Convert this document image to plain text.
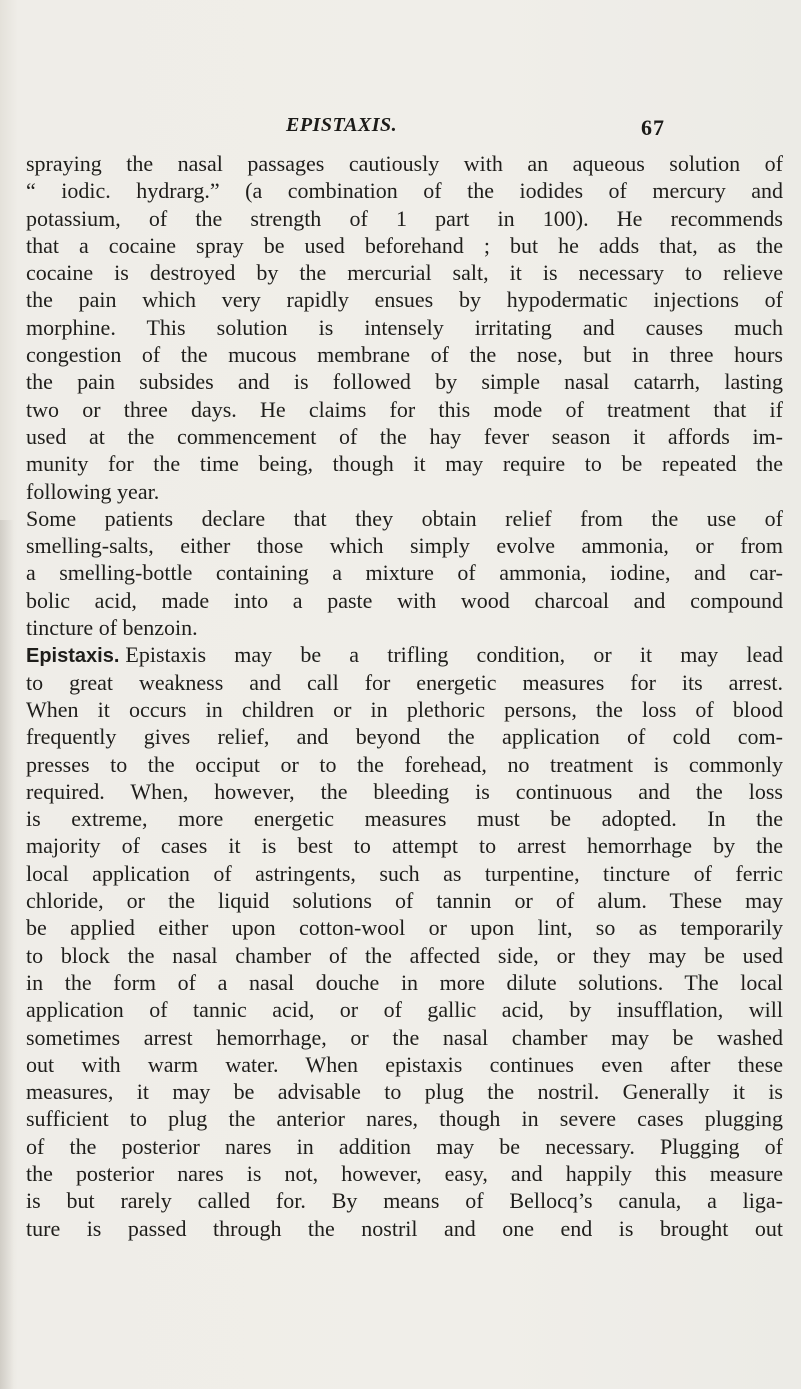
EPISTAXIS.	67
spraying the nasal passages cautiously with an aqueous solution of
“ iodic. hydrarg.” (a combination of the iodides of mercury and
potassium, of the strength of 1 part in 100). He recommends
that a cocaine spray be used beforehand ; but he adds that, as the
cocaine is destroyed by the mercurial salt, it is necessary to relieve
the pain which very rapidly ensues by hypodermatic injections of
morphine. This solution is intensely irritating and causes much
congestion of the mucous membrane of the nose, but in three hours
the pain subsides and is followed by simple nasal catarrh, lasting
two or three days. He claims for this mode of treatment that if
used at the commencement of the hay fever season it affords im-
munity for the time being, though it may require to be repeated the
following year.
Some patients declare that they obtain relief from the use of
smelling-salts, either those which simply evolve ammonia, or from
a smelling-bottle containing a mixture of ammonia, iodine, and car-
bolic acid, made into a paste with wood charcoal and compound
tincture of benzoin.
Epistaxis. Epistaxis may be a trifling condition, or it may lead
to great weakness and call for energetic measures for its arrest.
When it occurs in children or in plethoric persons, the loss of blood
frequently gives relief, and beyond the application of cold com-
presses to the occiput or to the forehead, no treatment is commonly
required. When, however, the bleeding is continuous and the loss
is extreme, more energetic measures must be adopted. In the
majority of cases it is best to attempt to arrest hemorrhage by the
local application of astringents, such as turpentine, tincture of ferric
chloride, or the liquid solutions of tannin or of alum. These may
be applied either upon cotton-wool or upon lint, so as temporarily
to block the nasal chamber of the affected side, or they may be used
in the form of a nasal douche in more dilute solutions. The local
application of tannic acid, or of gallic acid, by insufflation, will
sometimes arrest hemorrhage, or the nasal chamber may be washed
out with warm water. When epistaxis continues even after these
measures, it may be advisable to plug the nostril. Generally it is
sufficient to plug the anterior nares, though in severe cases plugging
of the posterior nares in addition may be necessary. Plugging of
the posterior nares is not, however, easy, and happily this measure
is but rarely called for. By means of Bellocq’s canula, a liga-
ture is passed through the nostril and one end is brought out
